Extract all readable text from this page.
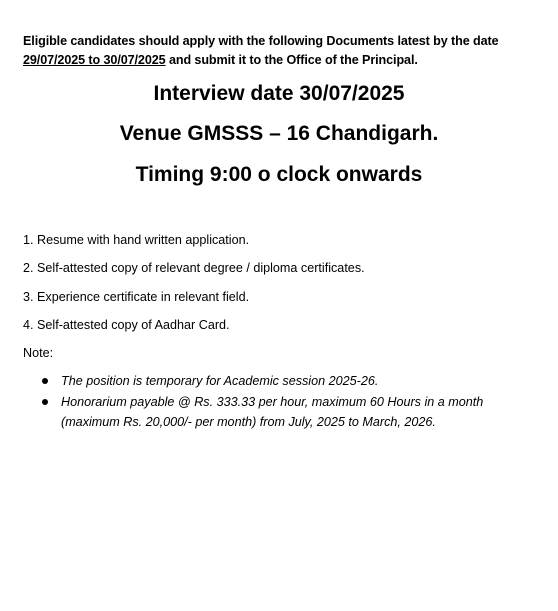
Eligible candidates should apply with the following Documents latest by the date
29/07/2025 to 30/07/2025 and submit it to the Office of the Principal.
Interview date 30/07/2025
Venue GMSSS – 16 Chandigarh.
Timing 9:00 o clock onwards
1. Resume with hand written application.
2. Self-attested copy of relevant degree / diploma certificates.
3. Experience certificate in relevant field.
4. Self-attested copy of Aadhar Card.
Note:
The position is temporary for Academic session 2025-26.
Honorarium payable @ Rs. 333.33 per hour, maximum 60 Hours in a month (maximum Rs. 20,000/- per month) from July, 2025 to March, 2026.
